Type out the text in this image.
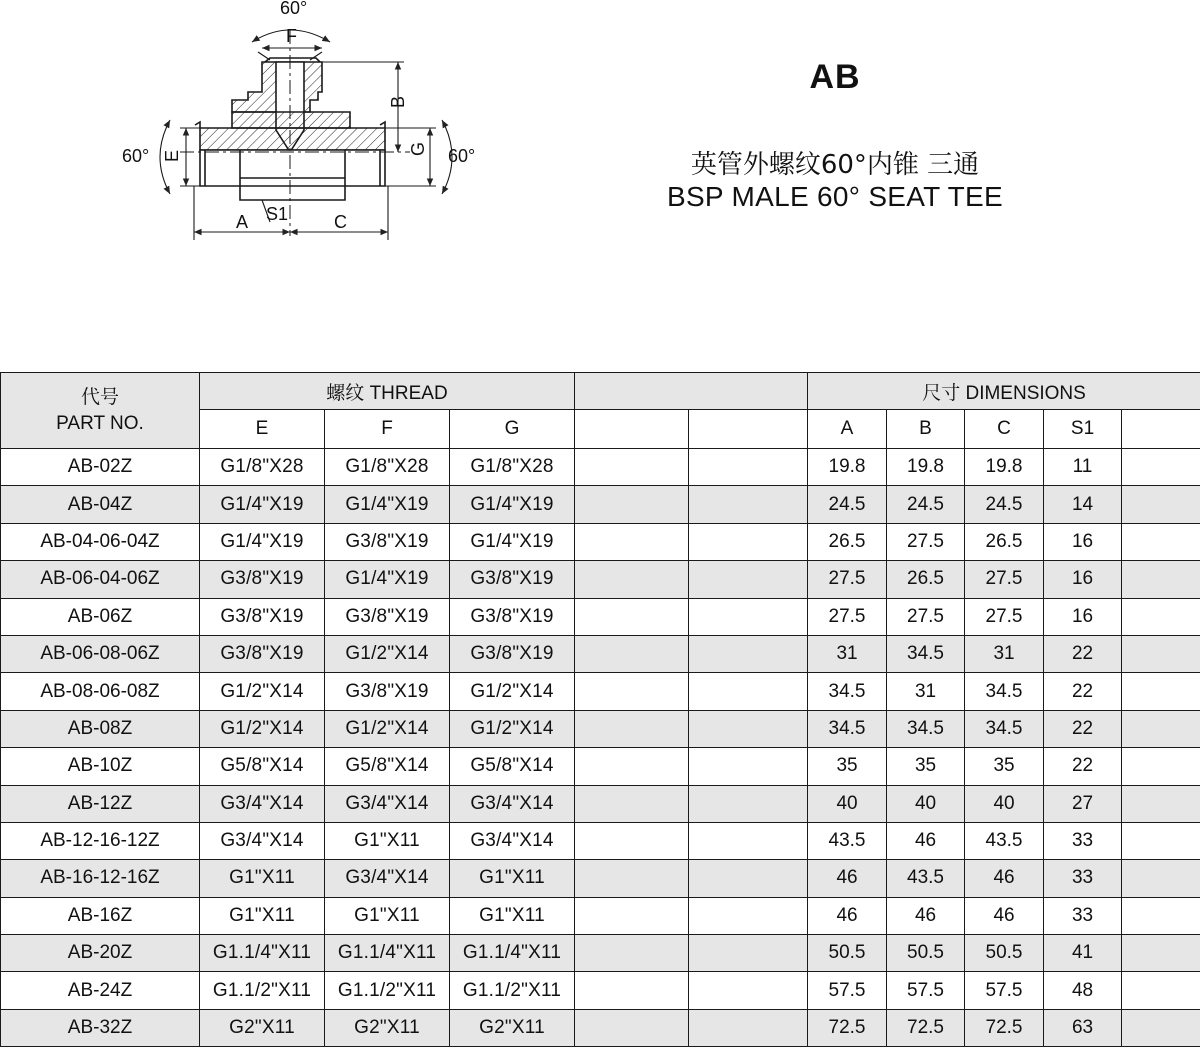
60°
F
B
E	G
A S1	C
60°	60°
AB
英管外螺纹60°内锥 三通
BSP MALE 60° SEAT TEE
代号
PART NO.	螺纹 THREAD					尺寸 DIMENSIONS				
	E	F	G			A	B	C	S1	
AB-02Z	G1/8"X28	G1/8"X28	G1/8"X28			19.8	19.8	19.8	11	
AB-04Z	G1/4"X19	G1/4"X19	G1/4"X19			24.5	24.5	24.5	14	
AB-04-06-04Z	G1/4"X19	G3/8"X19	G1/4"X19			26.5	27.5	26.5	16	
AB-06-04-06Z	G3/8"X19	G1/4"X19	G3/8"X19			27.5	26.5	27.5	16	
AB-06Z	G3/8"X19	G3/8"X19	G3/8"X19			27.5	27.5	27.5	16	
AB-06-08-06Z	G3/8"X19	G1/2"X14	G3/8"X19			31	34.5	31	22	
AB-08-06-08Z	G1/2"X14	G3/8"X19	G1/2"X14			34.5	31	34.5	22	
AB-08Z	G1/2"X14	G1/2"X14	G1/2"X14			34.5	34.5	34.5	22	
AB-10Z	G5/8"X14	G5/8"X14	G5/8"X14			35	35	35	22	
AB-12Z	G3/4"X14	G3/4"X14	G3/4"X14			40	40	40	27	
AB-12-16-12Z	G3/4"X14	G1"X11	G3/4"X14			43.5	46	43.5	33	
AB-16-12-16Z	G1"X11	G3/4"X14	G1"X11			46	43.5	46	33	
AB-16Z	G1"X11	G1"X11	G1"X11			46	46	46	33	
AB-20Z	G1.1/4"X11	G1.1/4"X11	G1.1/4"X11			50.5	50.5	50.5	41	
AB-24Z	G1.1/2"X11	G1.1/2"X11	G1.1/2"X11			57.5	57.5	57.5	48	
AB-32Z	G2"X11	G2"X11	G2"X11			72.5	72.5	72.5	63	
